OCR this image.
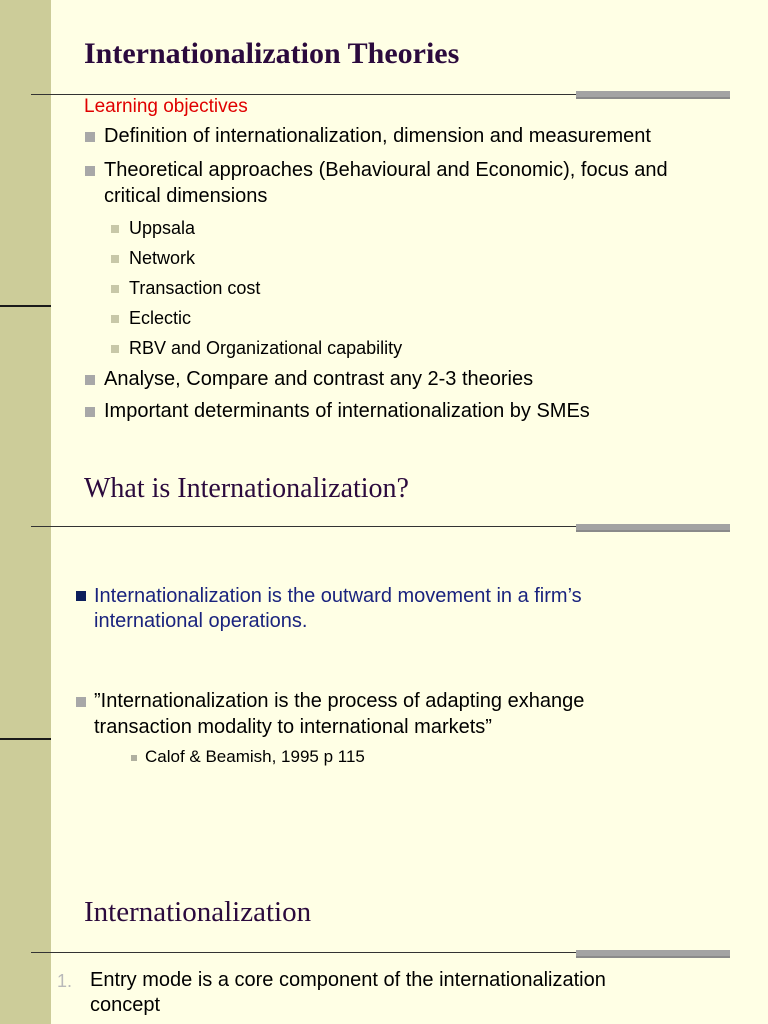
Internationalization Theories
Learning objectives
Definition of internationalization, dimension and measurement
Theoretical approaches (Behavioural and Economic), focus and
critical dimensions
Uppsala
Network
Transaction cost
Eclectic
RBV and Organizational capability
Analyse, Compare and contrast any 2-3 theories
Important determinants of internationalization by SMEs
What is Internationalization?
Internationalization is the outward movement in a firm’s
international operations.
”Internationalization is the process of adapting exhange
transaction modality to international markets”
Calof & Beamish, 1995 p 115
Internationalization
1. Entry mode is a core component of the internationalization
concept
